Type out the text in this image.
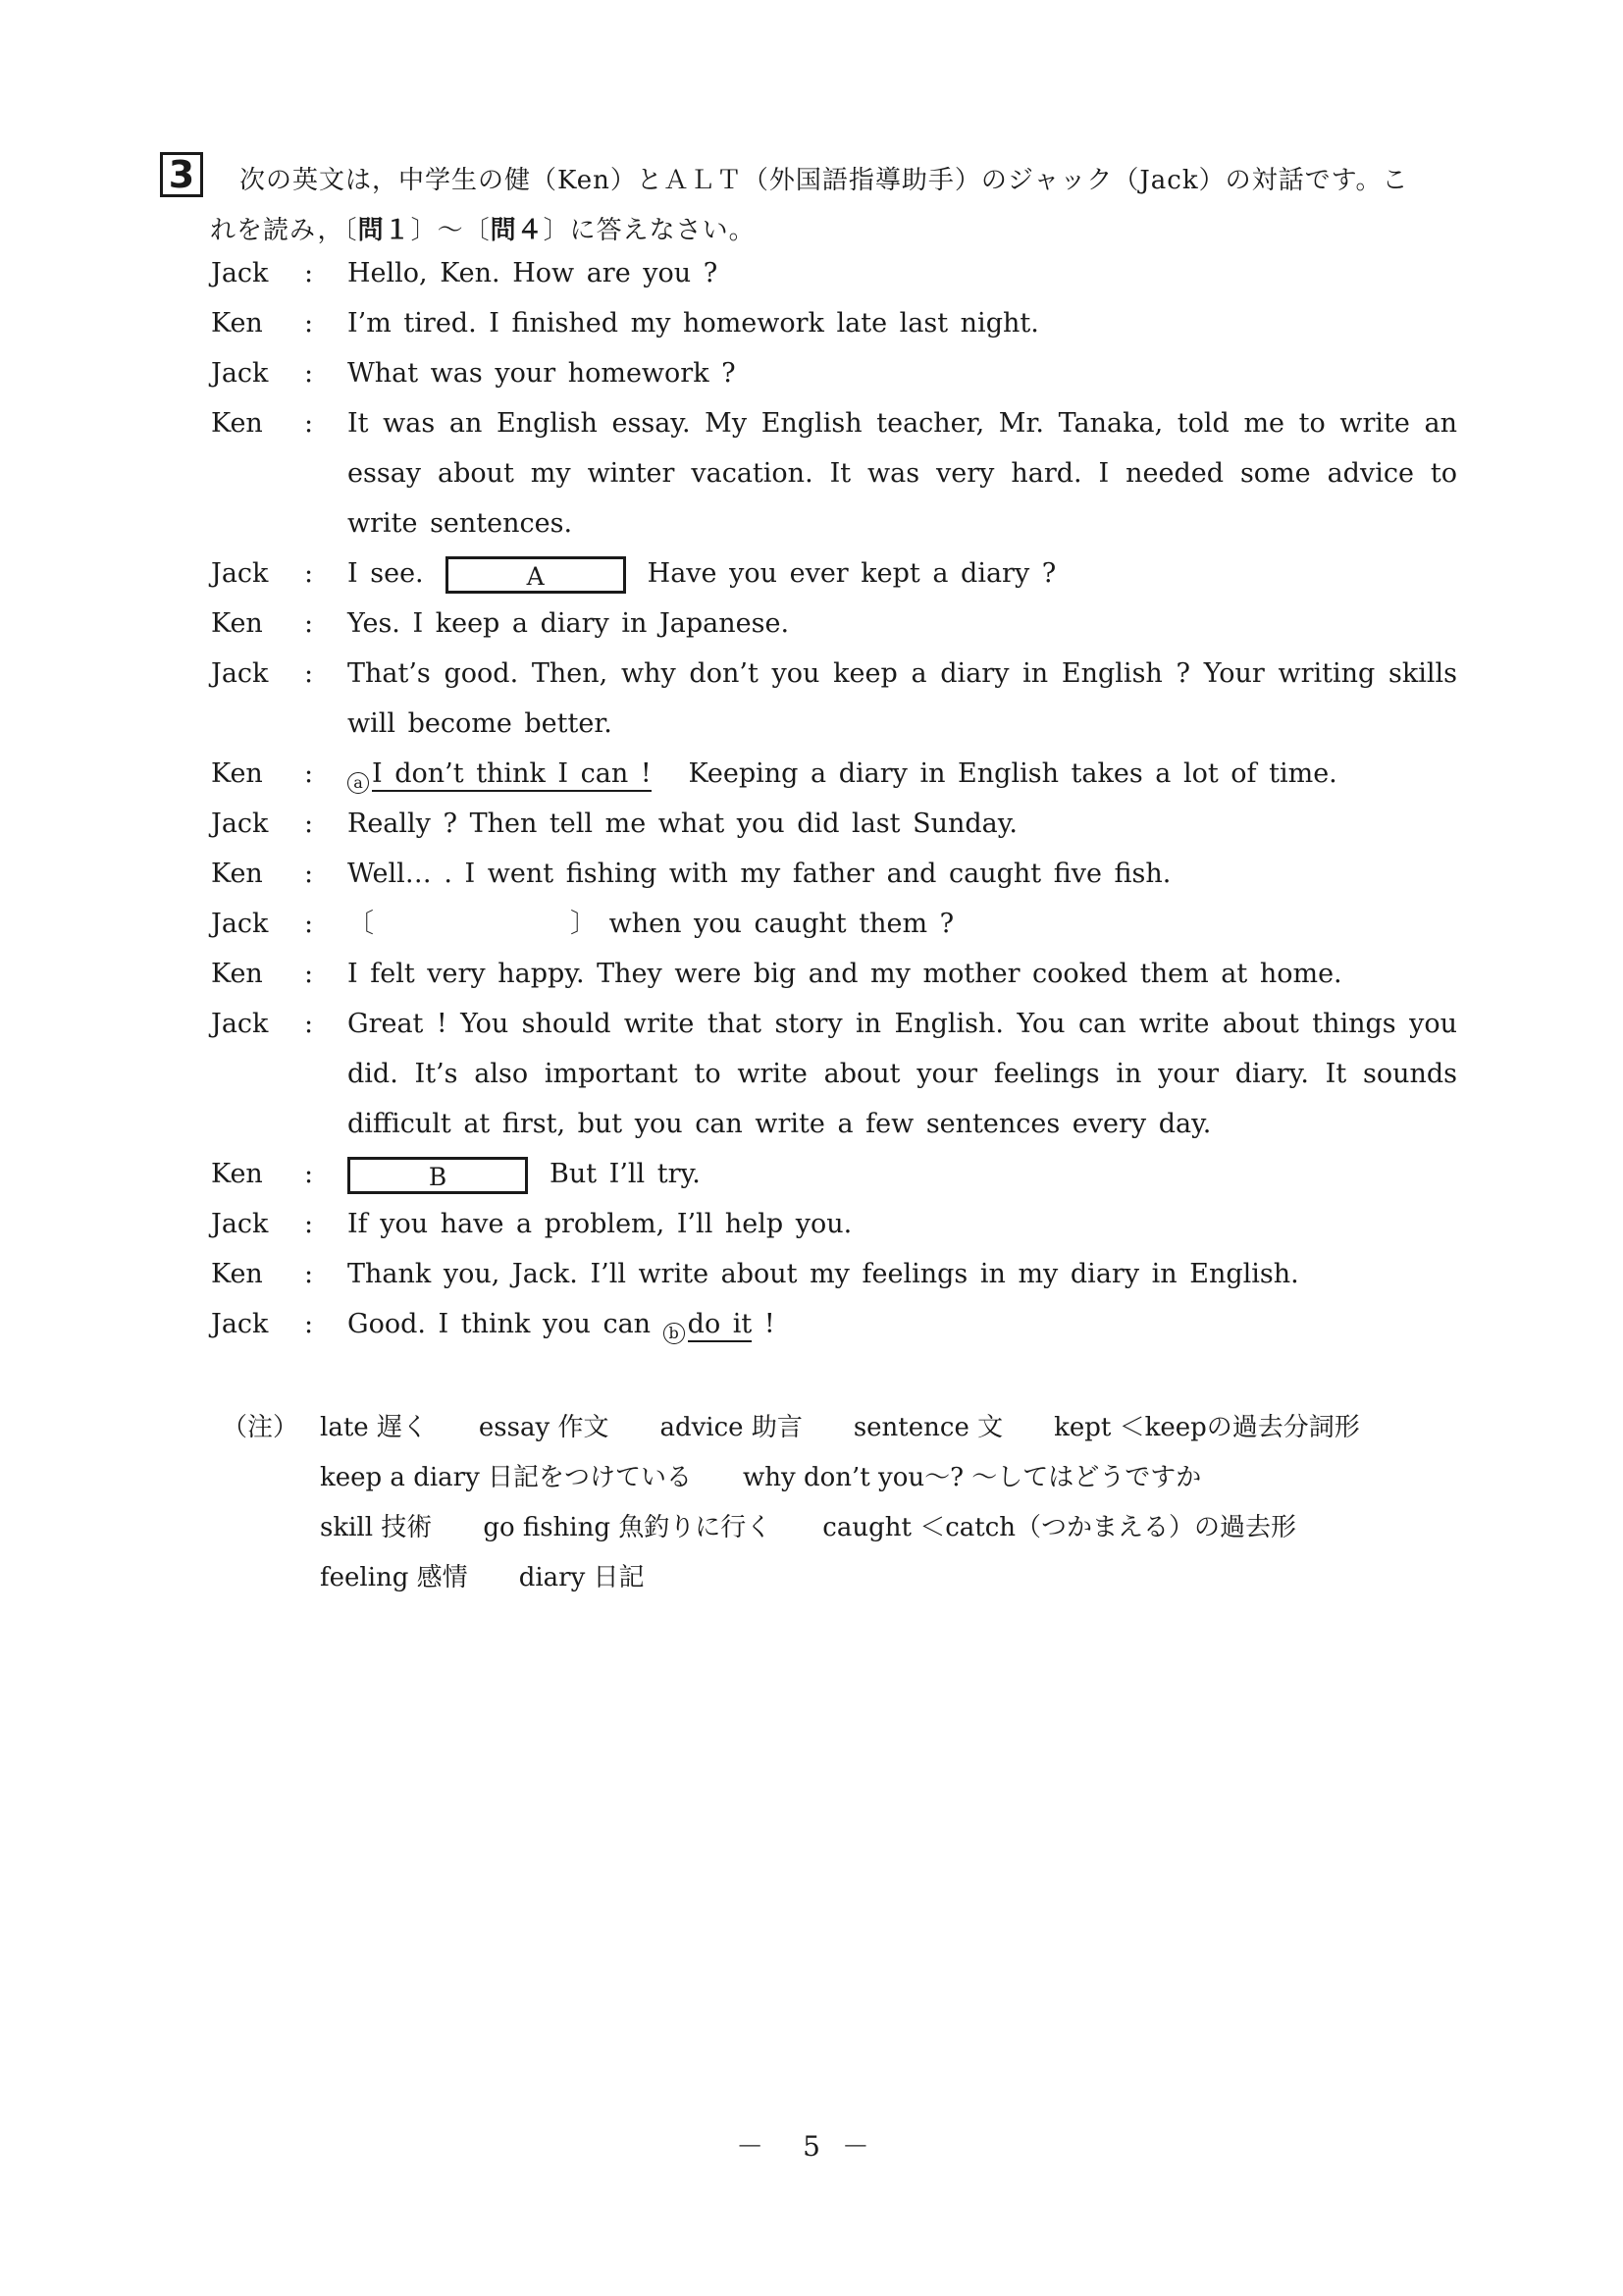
3	次の英文は，中学生の健（Ken）とＡＬＴ（外国語指導助手）のジャック（Jack）の対話です。こ
れを読み，〔問１〕～〔問４〕に答えなさい。
Jack	:	Hello, Ken. How are you ?
Ken	:	I’m tired. I finished my homework late last night.
Jack	:	What was your homework ?
Ken	:	It was an English essay. My English teacher, Mr. Tanaka, told me to write an essay about my winter vacation. It was very hard. I needed some advice to write sentences.
Jack	:	I see.	A	Have you ever kept a diary ?
Ken	:	Yes. I keep a diary in Japanese.
Jack	:	That’s good. Then, why don’t you keep a diary in English ? Your writing skills will become better.
Ken	:	a I don’t think I can ! Keeping a diary in English takes a lot of time.
Jack	:	Really ? Then tell me what you did last Sunday.
Ken	:	Well… . I went fishing with my father and caught five fish.
Jack	:	〔	〕 when you caught them ?
Ken	:	I felt very happy. They were big and my mother cooked them at home.
Jack	:	Great ! You should write that story in English. You can write about things you did. It’s also important to write about your feelings in your diary. It sounds difficult at first, but you can write a few sentences every day.
Ken	:	B	But I’ll try.
Jack	:	If you have a problem, I’ll help you.
Ken	:	Thank you, Jack. I’ll write about my feelings in my diary in English.
Jack	:	Good. I think you can b do it !
（注） late 遅く essay 作文 advice 助言 sentence 文 kept ＜keepの過去分詞形
keep a diary 日記をつけている why don’t you～? ～してはどうですか
skill 技術 go fishing 魚釣りに行く caught ＜catch（つかまえる）の過去形
feeling 感情 diary 日記
－ 5 －
